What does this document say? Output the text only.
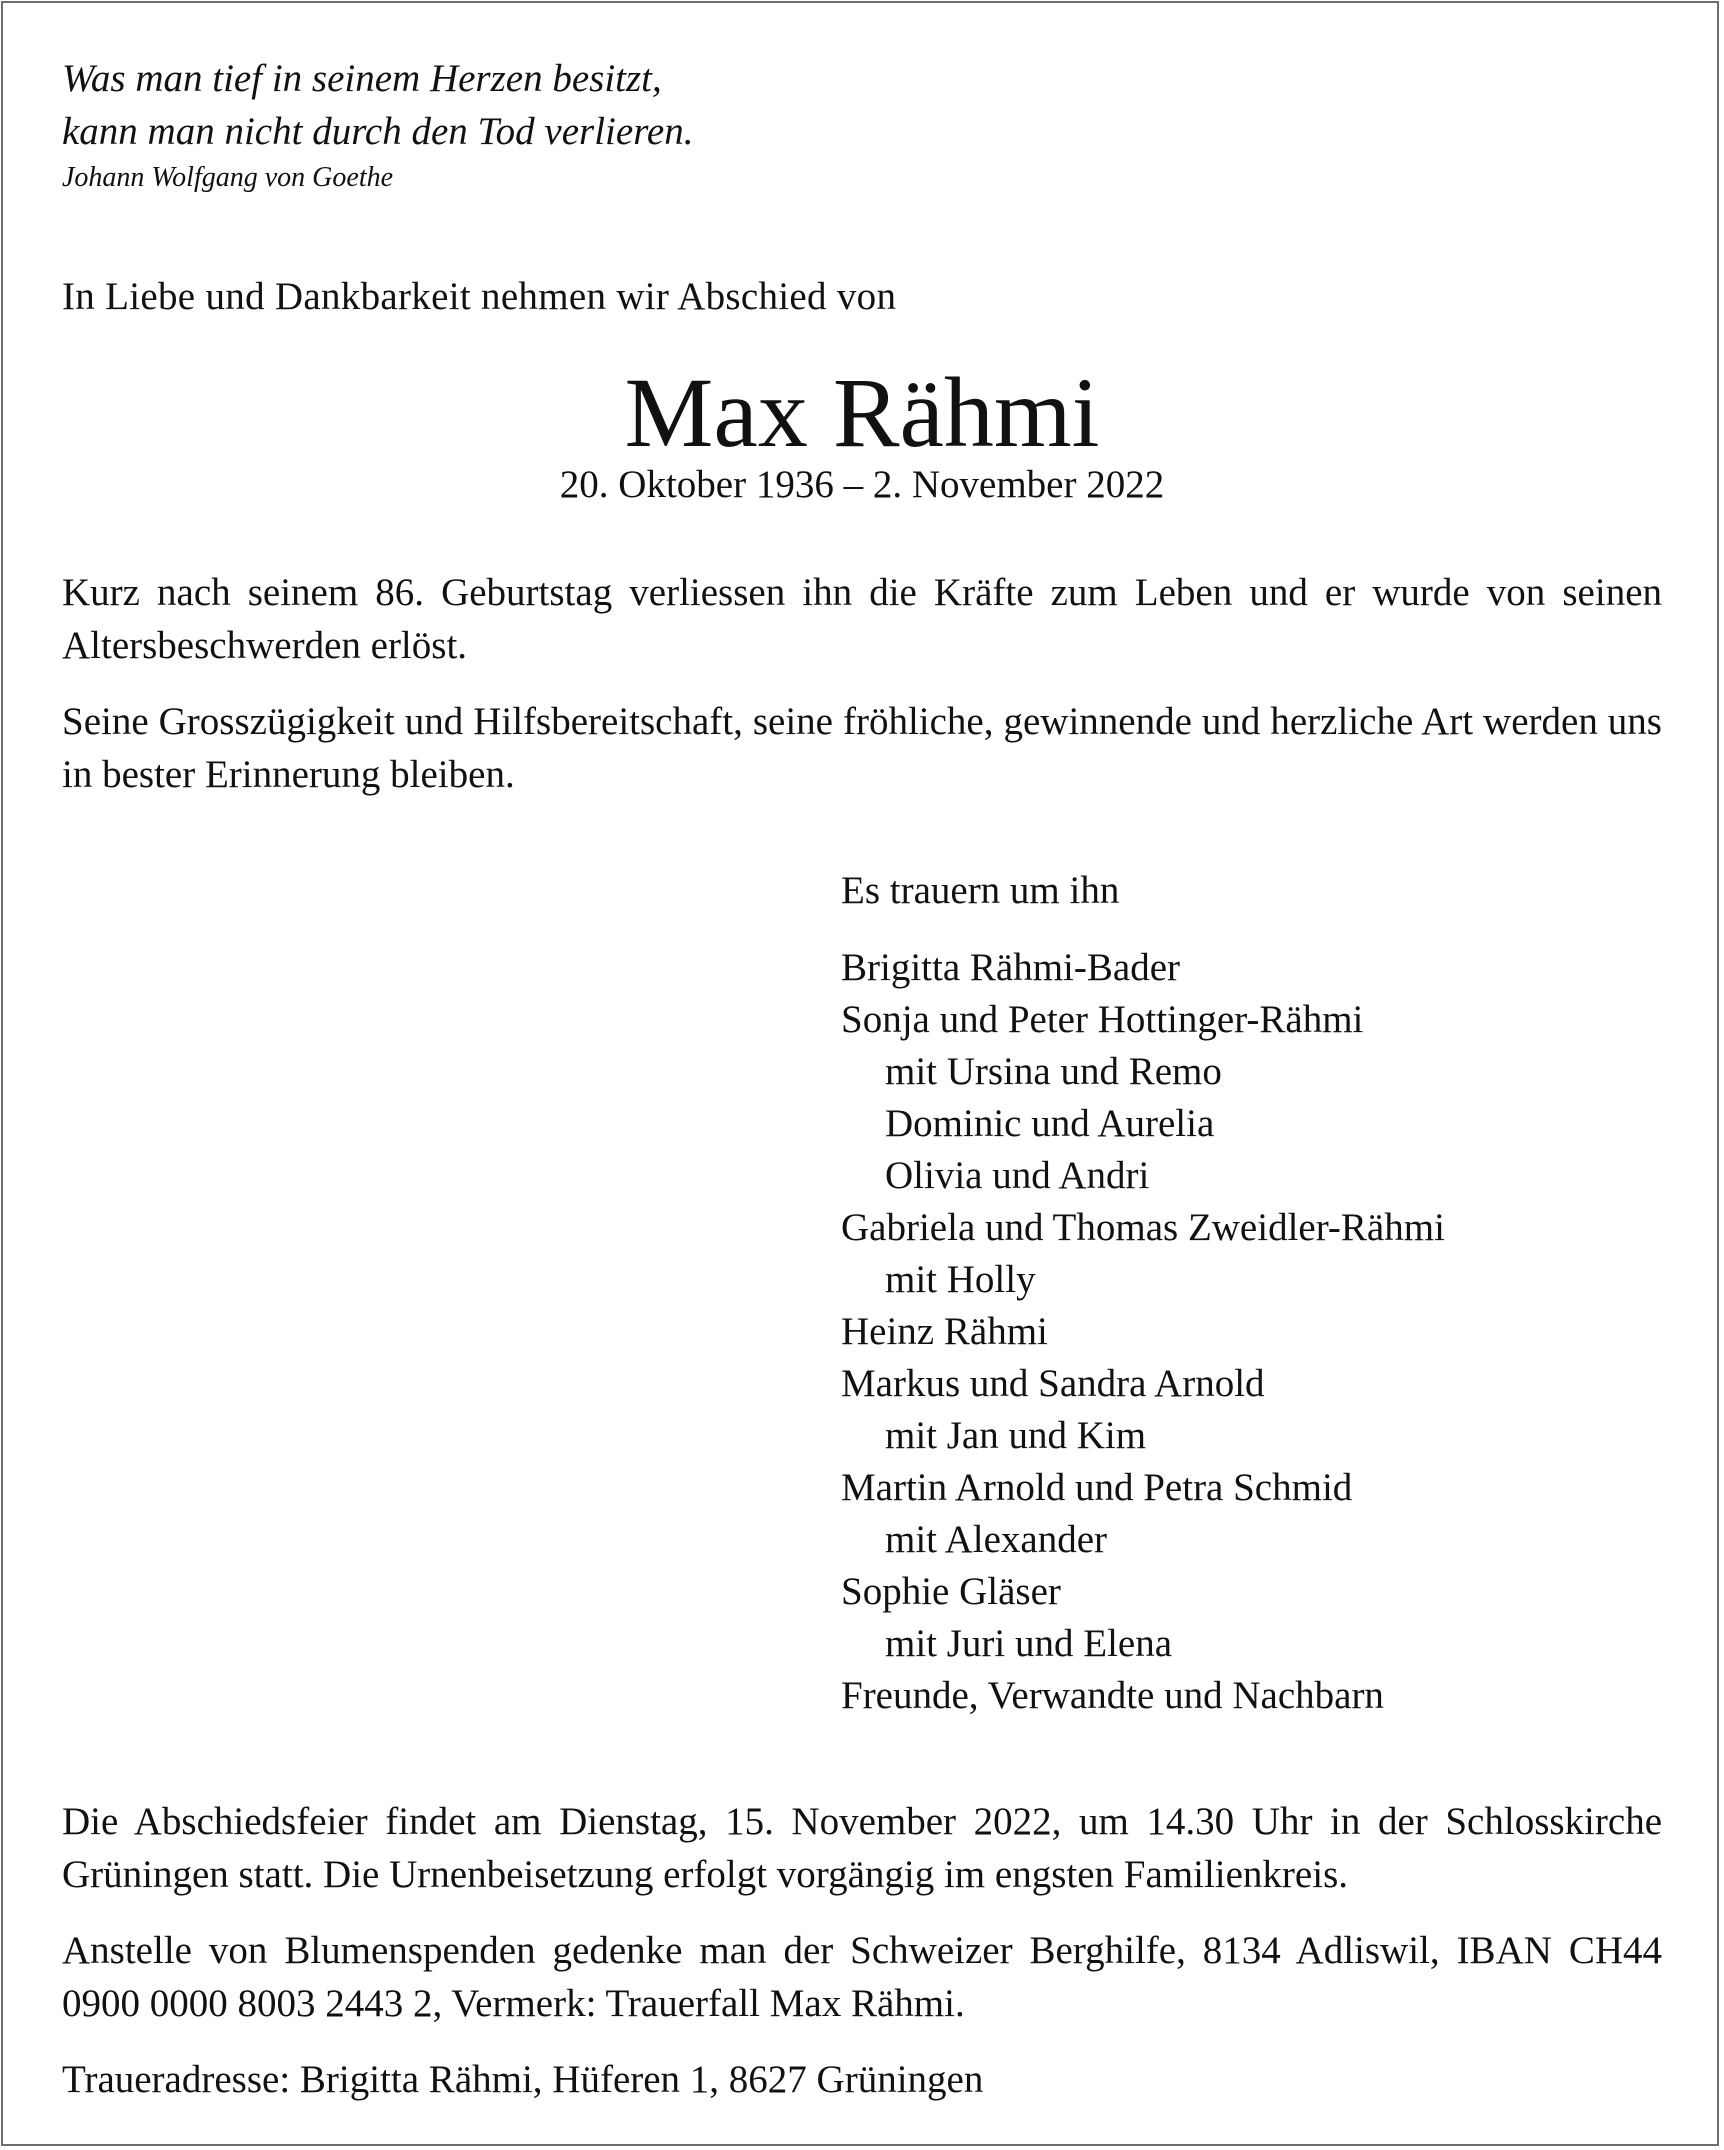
Was man tief in seinem Herzen besitzt,
kann man nicht durch den Tod verlieren.
Johann Wolfgang von Goethe
In Liebe und Dankbarkeit nehmen wir Abschied von
Max Rähmi
20. Oktober 1936 – 2. November 2022
Kurz nach seinem 86. Geburtstag verliessen ihn die Kräfte zum Leben und er wurde von seinen Altersbeschwerden erlöst.
Seine Grosszügigkeit und Hilfsbereitschaft, seine fröhliche, gewinnende und herzliche Art werden uns in bester Erinnerung bleiben.
Es trauern um ihn
Brigitta Rähmi-Bader
Sonja und Peter Hottinger-Rähmi
mit Ursina und Remo
Dominic und Aurelia
Olivia und Andri
Gabriela und Thomas Zweidler-Rähmi
mit Holly
Heinz Rähmi
Markus und Sandra Arnold
mit Jan und Kim
Martin Arnold und Petra Schmid
mit Alexander
Sophie Gläser
mit Juri und Elena
Freunde, Verwandte und Nachbarn
Die Abschiedsfeier findet am Dienstag, 15. November 2022, um 14.30 Uhr in der Schlosskirche Grüningen statt. Die Urnenbeisetzung erfolgt vorgängig im engsten Familienkreis.
Anstelle von Blumenspenden gedenke man der Schweizer Berghilfe, 8134 Adliswil, IBAN CH44 0900 0000 8003 2443 2, Vermerk: Trauerfall Max Rähmi.
Traueradresse: Brigitta Rähmi, Hüferen 1, 8627 Grüningen
